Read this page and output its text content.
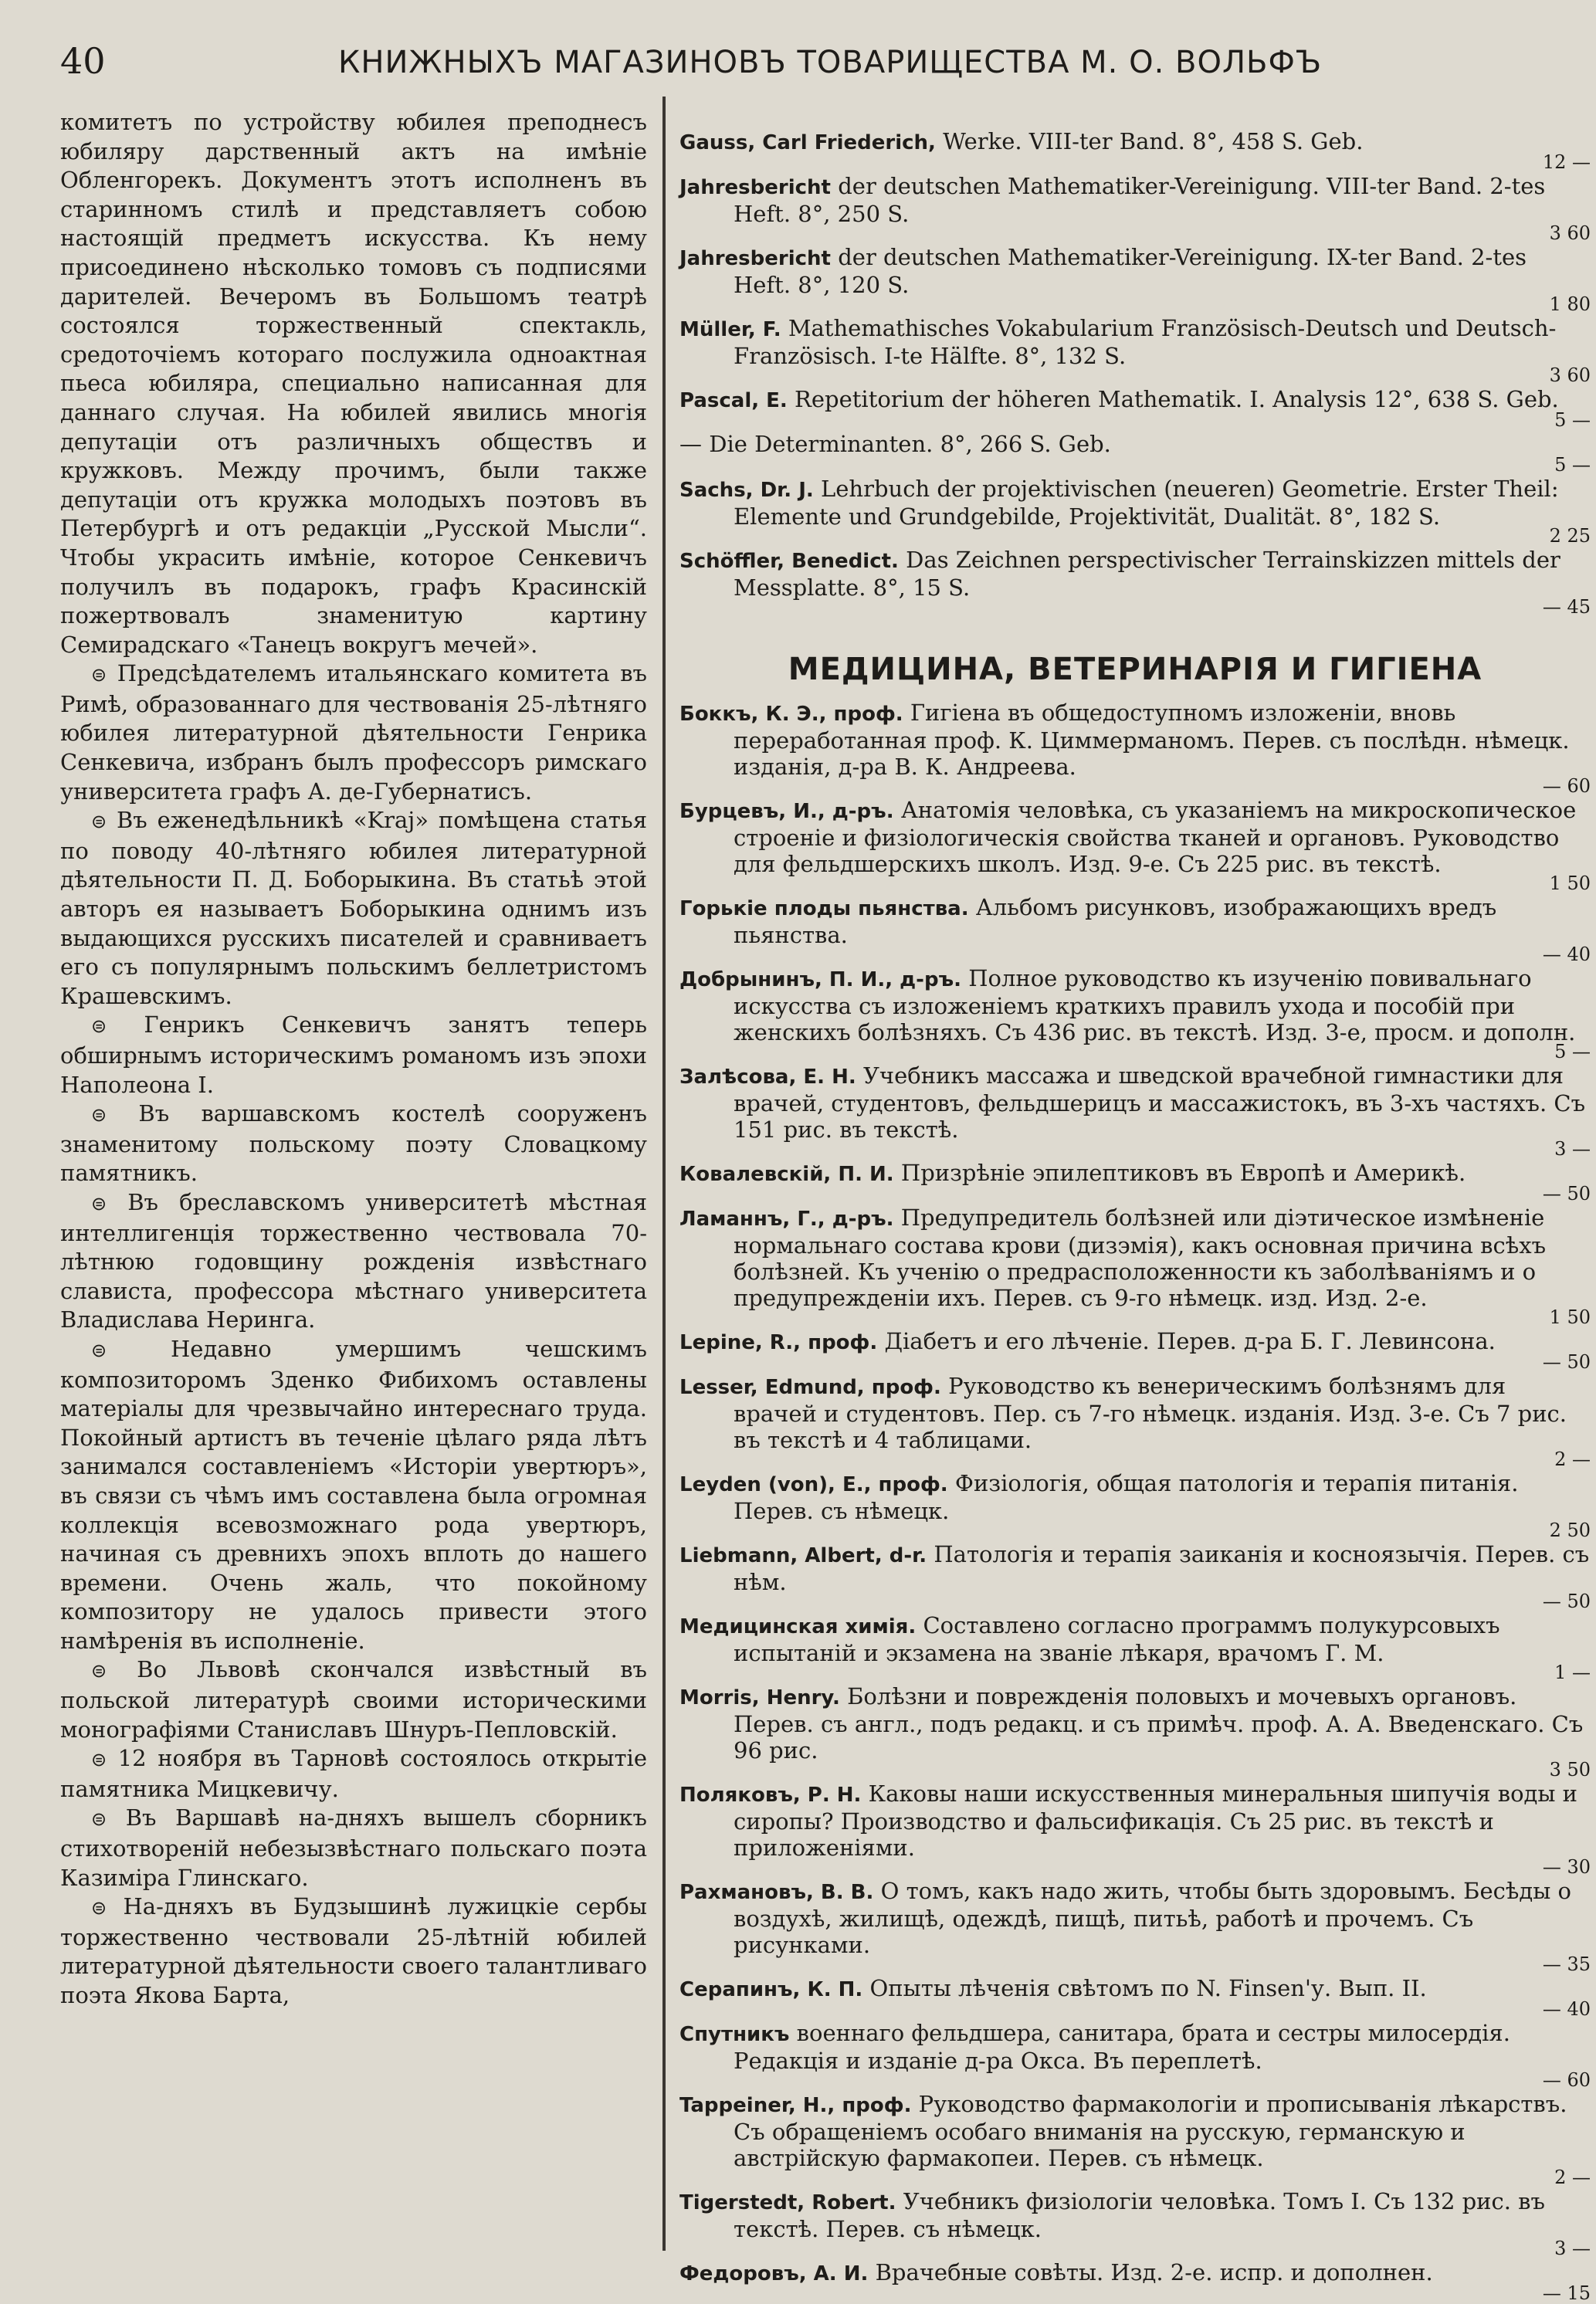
40	КНИЖНЫХЪ МАГАЗИНОВЪ ТОВАРИЩЕСТВА М. О. ВОЛЬФЪ

комитетъ по устройству юбилея преподнесъ юбиляру дарственный актъ на имѣніе Обленгорекъ. Документъ этотъ исполненъ въ старинномъ стилѣ и представляетъ собою настоящій предметъ искусства. Къ нему присоединено нѣсколько томовъ съ подписями дарителей. Вечеромъ въ Большомъ театрѣ состоялся торжественный спектакль, средоточіемъ котораго послужила одноактная пьеса юбиляра, специально написанная для даннаго случая. На юбилей явились многія депутаціи отъ различныхъ обществъ и кружковъ. Между прочимъ, были также депутаціи отъ кружка молодыхъ поэтовъ въ Петербургѣ и отъ редакціи „Русской Мысли“. Чтобы украсить имѣніе, которое Сенкевичъ получилъ въ подарокъ, графъ Красинскій пожертвовалъ знаменитую картину Семирадскаго «Танецъ вокругъ мечей».

⊜ Предсѣдателемъ итальянскаго комитета въ Римѣ, образованнаго для чествованія 25-лѣтняго юбилея литературной дѣятельности Генрика Сенкевича, избранъ былъ профессоръ римскаго университета графъ А. де-Губернатисъ.

⊜ Въ еженедѣльникѣ «Kraj» помѣщена статья по поводу 40-лѣтняго юбилея литературной дѣятельности П. Д. Боборыкина. Въ статьѣ этой авторъ ея называетъ Боборыкина однимъ изъ выдающихся русскихъ писателей и сравниваетъ его съ популярнымъ польскимъ беллетристомъ Крашевскимъ.

⊜ Генрикъ Сенкевичъ занятъ теперь обширнымъ историческимъ романомъ изъ эпохи Наполеона I.

⊜ Въ варшавскомъ костелѣ сооруженъ знаменитому польскому поэту Словацкому памятникъ.

⊜ Въ бреславскомъ университетѣ мѣстная интеллигенція торжественно чествовала 70-лѣтнюю годовщину рожденія извѣстнаго слависта, профессора мѣстнаго университета Владислава Неринга.

⊜	Недавно умершимъ чешскимъ композиторомъ Зденко Фибихомъ оставлены матеріалы для чрезвычайно интереснаго труда. Покойный артистъ въ теченіе цѣлаго ряда лѣтъ занимался составленіемъ «Исторіи увертюръ», въ связи съ чѣмъ имъ составлена была огромная коллекція всевозможнаго рода увертюръ, начиная съ древнихъ эпохъ вплоть до нашего времени. Очень жаль, что покойному композитору не удалось привести этого намѣренія въ исполненіе.

⊜ Во Львовѣ скончался извѣстный въ польской литературѣ своими историческими монографіями Станиславъ Шнуръ-Пепловскій.

⊜ 12 ноября въ Тарновѣ состоялось открытіе памятника Мицкевичу.

⊜ Въ Варшавѣ на-дняхъ вышелъ сборникъ стихотвореній небезызвѣстнаго польскаго поэта Казиміра Глинскаго.

⊜ На-дняхъ въ Будзышинѣ лужицкіе сербы торжественно чествовали 25-лѣтній юбилей литературной дѣятельности своего талантливаго поэта Якова Барта,

Gauss, Carl Friederich, Werke. VIII-ter Band. 8°, 458 S. Geb.
12 —
Jahresbericht der deutschen Mathematiker-Vereinigung. VIII-ter Band. 2-tes Heft. 8°, 250 S.
3 60
Jahresbericht der deutschen Mathematiker-Vereinigung. IX-ter Band. 2-tes Heft. 8°, 120 S.
1 80
Müller, F. Mathemathisches Vokabularium Französisch-Deutsch und Deutsch-Französisch. I-te Hälfte. 8°, 132 S.
3 60
Pascal, E. Repetitorium der höheren Mathematik. I. Analysis 12°, 638 S. Geb.
5 —
— Die Determinanten. 8°, 266 S. Geb.
5 —
Sachs, Dr. J. Lehrbuch der projektivischen (neueren) Geometrie. Erster Theil: Elemente und Grundgebilde, Projektivität, Dualität. 8°, 182 S.
2 25
Schöffler, Benedict. Das Zeichnen perspectivischer Terrainskizzen mittels der Messplatte. 8°, 15 S.
— 45
МЕДИЦИНА, ВЕТЕРИНАРІЯ И ГИГІЕНА
Боккъ, К. Э., проф. Гигіена въ общедоступномъ изложеніи, вновь переработанная проф. К. Циммерманомъ. Перев. съ послѣдн. нѣмецк. изданія, д-ра В. К. Андреева.
— 60
Бурцевъ, И., д-ръ. Анатомія человѣка, съ указаніемъ на микроскопическое строеніе и физіологическія свойства тканей и органовъ. Руководство для фельдшерскихъ школъ. Изд. 9-е. Съ 225 рис. въ текстѣ.
1 50
Горькіе плоды пьянства. Альбомъ рисунковъ, изображающихъ вредъ пьянства.
— 40
Добрынинъ, П. И., д-ръ. Полное руководство къ изученію повивальнаго искусства съ изложеніемъ краткихъ правилъ ухода и пособій при женскихъ болѣзняхъ. Съ 436 рис. въ текстѣ. Изд. 3-е, просм. и дополн.
5 —
Залѣсова, Е. Н. Учебникъ массажа и шведской врачебной гимнастики для врачей, студентовъ, фельдшерицъ и массажистокъ, въ 3-хъ частяхъ. Съ 151 рис. въ текстѣ.
3 —
Ковалевскій, П. И. Призрѣніе эпилептиковъ въ Европѣ и Америкѣ.
— 50
Ламаннъ, Г., д-ръ. Предупредитель болѣзней или діэтическое измѣненіе нормальнаго состава крови (дизэмія), какъ основная причина всѣхъ болѣзней. Къ ученію о предрасположенности къ заболѣваніямъ и о предупрежденіи ихъ. Перев. съ 9-го нѣмецк. изд. Изд. 2-е.
1 50
Lepine, R., проф. Діабетъ и его лѣченіе. Перев. д-ра Б. Г. Левинсона.
— 50
Lesser, Edmund, проф. Руководство къ венерическимъ болѣзнямъ для врачей и студентовъ. Пер. съ 7-го нѣмецк. изданія. Изд. 3-е. Съ 7 рис. въ текстѣ и 4 таблицами.
2 —
Leyden (von), E., проф. Физіологія, общая патологія и терапія питанія. Перев. съ нѣмецк.
2 50
Liebmann, Albert, d-r. Патологія и терапія заиканія и косноязычія. Перев. съ нѣм.
— 50
Медицинская химія. Составлено согласно программъ полукурсовыхъ испытаній и экзамена на званіе лѣкаря, врачомъ Г. М.
1 —
Morris, Henry. Болѣзни и поврежденія половыхъ и мочевыхъ органовъ. Перев. съ англ., подъ редакц. и съ примѣч. проф. А. А. Введенскаго. Съ 96 рис.
3 50
Поляковъ, Р. Н. Каковы наши искусственныя минеральныя шипучія воды и сиропы? Производство и фальсификація. Съ 25 рис. въ текстѣ и приложеніями.
— 30
Рахмановъ, В. В. О томъ, какъ надо жить, чтобы быть здоровымъ. Бесѣды о воздухѣ, жилищѣ, одеждѣ, пищѣ, питьѣ, работѣ и прочемъ. Съ рисунками.
— 35
Серапинъ, К. П. Опыты лѣченія свѣтомъ по N. Finsen'у. Вып. II.
— 40
Спутникъ военнаго фельдшера, санитара, брата и сестры милосердія. Редакція и изданіе д-ра Окса. Въ переплетѣ.
— 60
Tappeiner, H., проф. Руководство фармакологіи и прописыванія лѣкарствъ. Съ обращеніемъ особаго вниманія на русскую, германскую и австрійскую фармакопеи. Перев. съ нѣмецк.
2 —
Tigerstedt, Robert. Учебникъ физіологіи человѣка. Томъ I. Съ 132 рис. въ текстѣ. Перев. съ нѣмецк.
3 —
Федоровъ, А. И. Врачебные совѣты. Изд. 2-е. испр. и дополнен.
— 15
